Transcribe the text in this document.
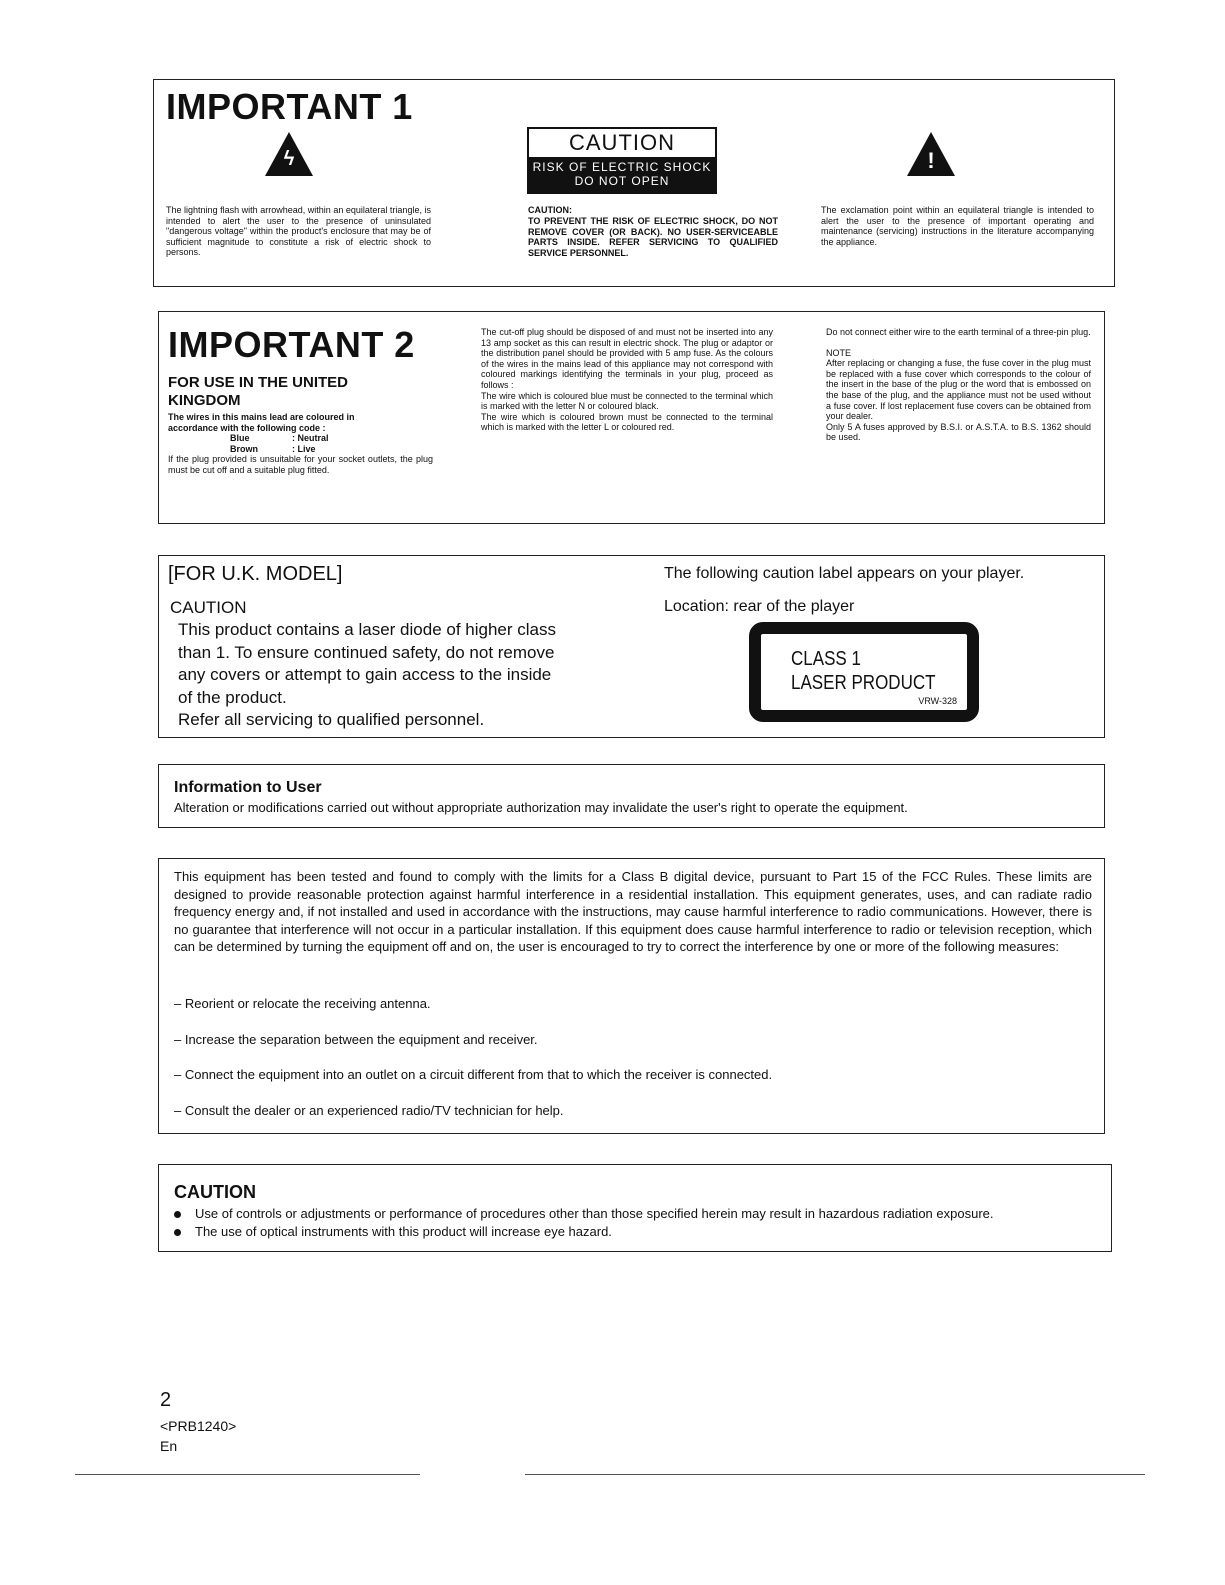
IMPORTANT 1
ϟ
The lightning flash with arrowhead, within an equilateral triangle, is intended to alert the user to the presence of uninsulated "dangerous voltage" within the product's enclosure that may be of sufficient magnitude to constitute a risk of electric shock to persons.
CAUTION
RISK OF ELECTRIC SHOCK
DO NOT OPEN
CAUTION:
TO PREVENT THE RISK OF ELECTRIC SHOCK, DO NOT REMOVE COVER (OR BACK). NO USER-SERVICEABLE PARTS INSIDE. REFER SERVICING TO QUALIFIED SERVICE PERSONNEL.
!
The exclamation point within an equilateral triangle is intended to alert the user to the presence of important operating and maintenance (servicing) instructions in the literature accompanying the appliance.
IMPORTANT 2
FOR USE IN THE UNITED
KINGDOM
The wires in this mains lead are coloured in
accordance with the following code :
Blue	: Neutral
Brown	: Live
If the plug provided is unsuitable for your socket outlets, the plug must be cut off and a suitable plug fitted.
The cut-off plug should be disposed of and must not be inserted into any 13 amp socket as this can result in electric shock. The plug or adaptor or the distribution panel should be provided with 5 amp fuse. As the colours of the wires in the mains lead of this appliance may not correspond with coloured markings identifying the terminals in your plug, proceed as follows :
The wire which is coloured blue must be connected to the terminal which is marked with the letter N or coloured black.
The wire which is coloured brown must be connected to the terminal which is marked with the letter L or coloured red.
Do not connect either wire to the earth terminal of a three-pin plug.
NOTE
After replacing or changing a fuse, the fuse cover in the plug must be replaced with a fuse cover which corresponds to the colour of the insert in the base of the plug or the word that is embossed on the base of the plug, and the appliance must not be used without a fuse cover. If lost replacement fuse covers can be obtained from your dealer.
Only 5 A fuses approved by B.S.I. or A.S.T.A. to B.S. 1362 should be used.
[FOR U.K. MODEL]
CAUTION
This product contains a laser diode of higher class
than 1. To ensure continued safety, do not remove
any covers or attempt to gain access to the inside
of the product.
Refer all servicing to qualified personnel.
The following caution label appears on your player.
Location: rear of the player
CLASS 1
LASER PRODUCT
VRW-328
Information to User
Alteration or modifications carried out without appropriate authorization may invalidate the user's right to operate the equipment.
This equipment has been tested and found to comply with the limits for a Class B digital device, pursuant to Part 15 of the FCC Rules. These limits are designed to provide reasonable protection against harmful interference in a residential installation. This equipment generates, uses, and can radiate radio frequency energy and, if not installed and used in accordance with the instructions, may cause harmful interference to radio communications. However, there is no guarantee that interference will not occur in a particular installation. If this equipment does cause harmful interference to radio or television reception, which can be determined by turning the equipment off and on, the user is encouraged to try to correct the interference by one or more of the following measures:
– Reorient or relocate the receiving antenna.
– Increase the separation between the equipment and receiver.
– Connect the equipment into an outlet on a circuit different from that to which the receiver is connected.
– Consult the dealer or an experienced radio/TV technician for help.
CAUTION
Use of controls or adjustments or performance of procedures other than those specified herein may result in hazardous radiation exposure.
The use of optical instruments with this product will increase eye hazard.
2
<PRB1240>
En
